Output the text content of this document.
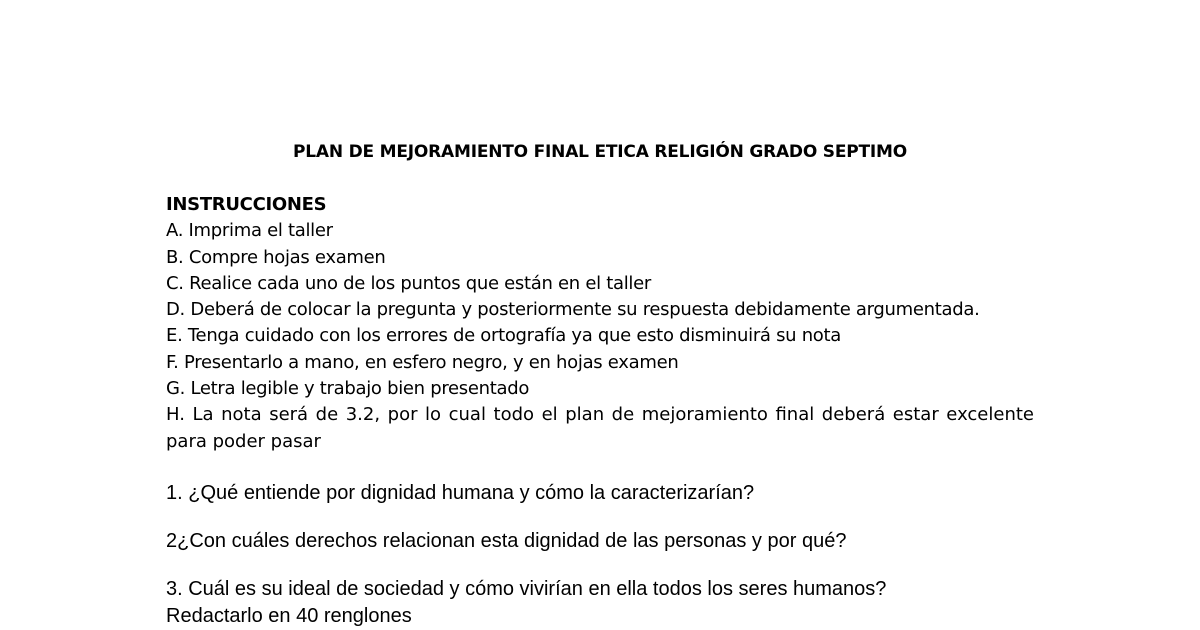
PLAN DE MEJORAMIENTO FINAL ETICA RELIGIÓN GRADO SEPTIMO
INSTRUCCIONES
A. Imprima el taller
B. Compre hojas examen
C. Realice cada uno de los puntos que están en el taller
D. Deberá de colocar la pregunta y posteriormente su respuesta debidamente argumentada.
E. Tenga cuidado con los errores de ortografía ya que esto disminuirá su nota
F. Presentarlo a mano, en esfero negro, y en hojas examen
G. Letra legible y trabajo bien presentado
H. La nota será de 3.2, por lo cual todo el plan de mejoramiento final deberá estar excelente para poder pasar
1. ¿Qué entiende por dignidad humana y cómo la caracterizarían?
2¿Con cuáles derechos relacionan esta dignidad de las personas y por qué?
3. Cuál es su ideal de sociedad y cómo vivirían en ella todos los seres humanos?
Redactarlo en 40 renglones
